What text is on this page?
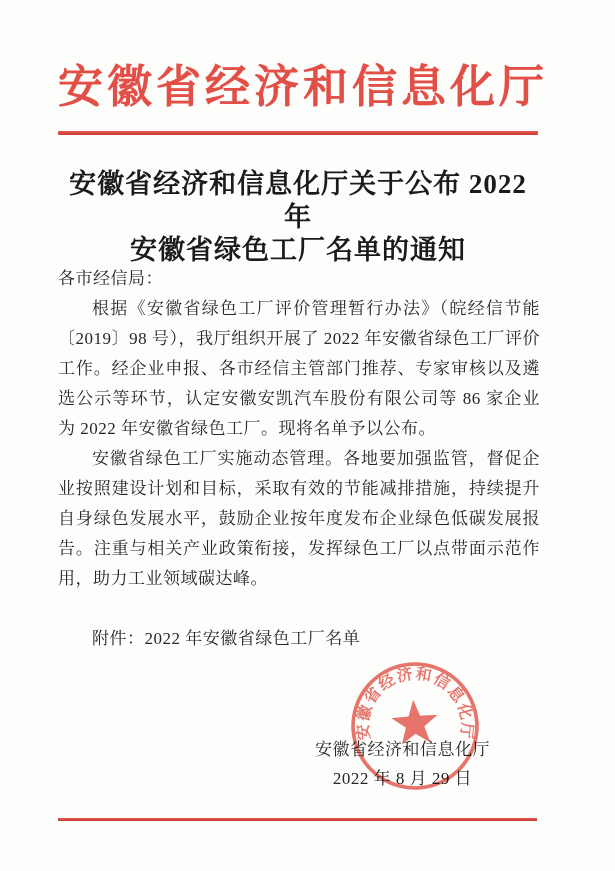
安徽省经济和信息化厅
安徽省经济和信息化厅关于公布 2022 年
安徽省绿色工厂名单的通知

各市经信局：

根据《安徽省绿色工厂评价管理暂行办法》（皖经信节能〔2019〕98 号），我厅组织开展了 2022 年安徽省绿色工厂评价工作。经企业申报、各市经信主管部门推荐、专家审核以及遴选公示等环节，认定安徽安凯汽车股份有限公司等 86 家企业为 2022 年安徽省绿色工厂。现将名单予以公布。

安徽省绿色工厂实施动态管理。各地要加强监管，督促企业按照建设计划和目标，采取有效的节能减排措施，持续提升自身绿色发展水平，鼓励企业按年度发布企业绿色低碳发展报告。注重与相关产业政策衔接，发挥绿色工厂以点带面示范作用，助力工业领域碳达峰。

附件：2022 年安徽省绿色工厂名单

安徽省经济和信息化厅
2022 年 8 月 29 日
安徽省经济和信息化厅
